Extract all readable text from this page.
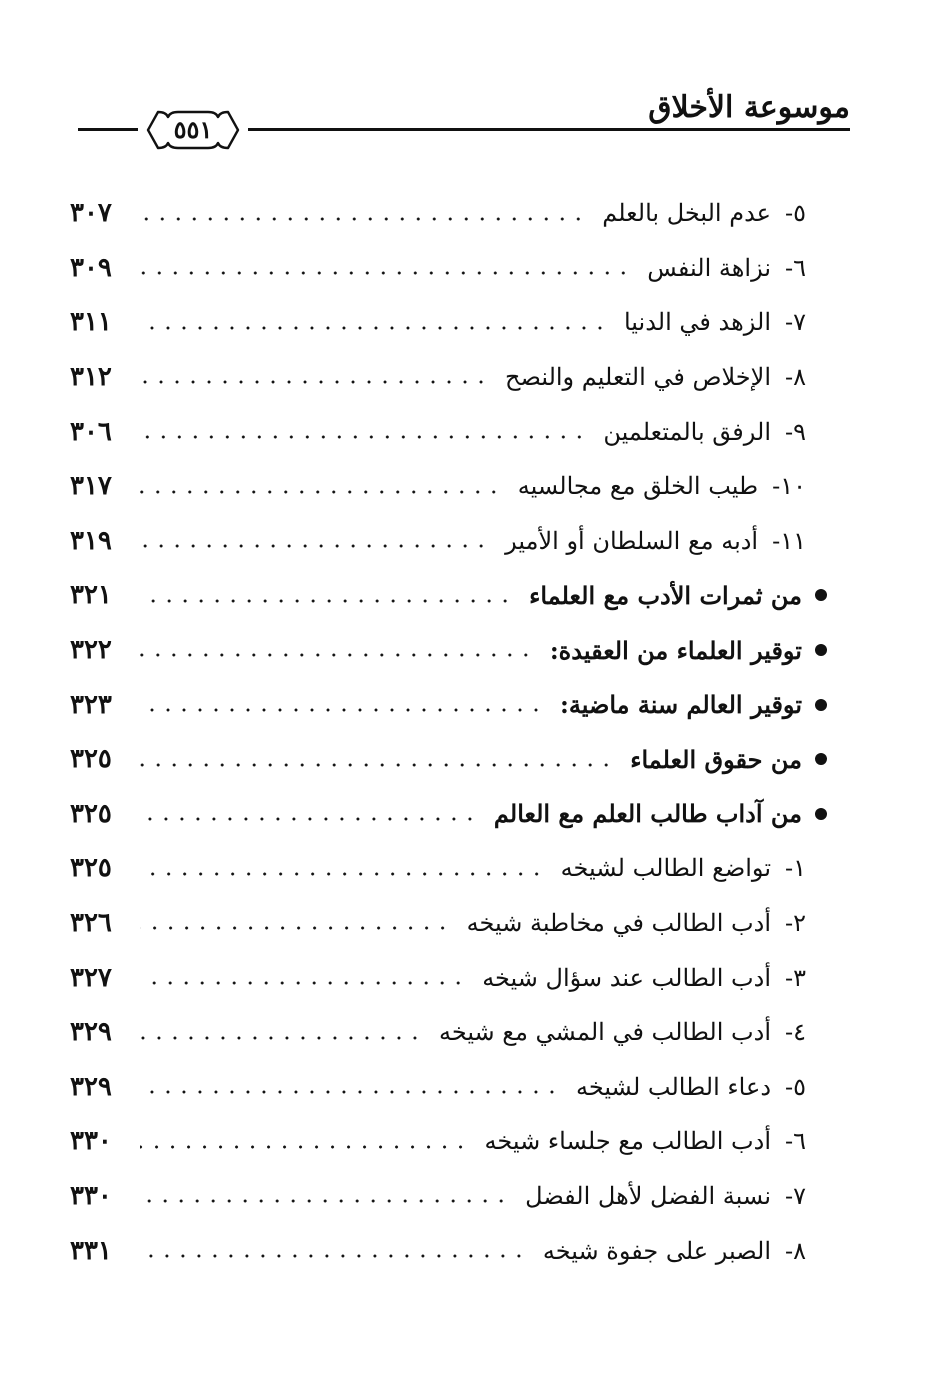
موسوعة الأخلاق
٥٥١
٥-
عدم البخل بالعلم
٣٠٧
٦-
نزاهة النفس
٣٠٩
٧-
الزهد في الدنيا
٣١١
٨-
الإخلاص في التعليم والنصح
٣١٢
٩-
الرفق بالمتعلمين
٣٠٦
١٠-
طيب الخلق مع مجالسيه
٣١٧
١١-
أدبه مع السلطان أو الأمير
٣١٩
من ثمرات الأدب مع العلماء
٣٢١
توقير العلماء من العقيدة:
٣٢٢
توقير العالم سنة ماضية:
٣٢٣
من حقوق العلماء
٣٢٥
من آداب طالب العلم مع العالم
٣٢٥
١-
تواضع الطالب لشيخه
٣٢٥
٢-
أدب الطالب في مخاطبة شيخه
٣٢٦
٣-
أدب الطالب عند سؤال شيخه
٣٢٧
٤-
أدب الطالب في المشي مع شيخه
٣٢٩
٥-
دعاء الطالب لشيخه
٣٢٩
٦-
أدب الطالب مع جلساء شيخه
٣٣٠
٧-
نسبة الفضل لأهل الفضل
٣٣٠
٨-
الصبر على جفوة شيخه
٣٣١
